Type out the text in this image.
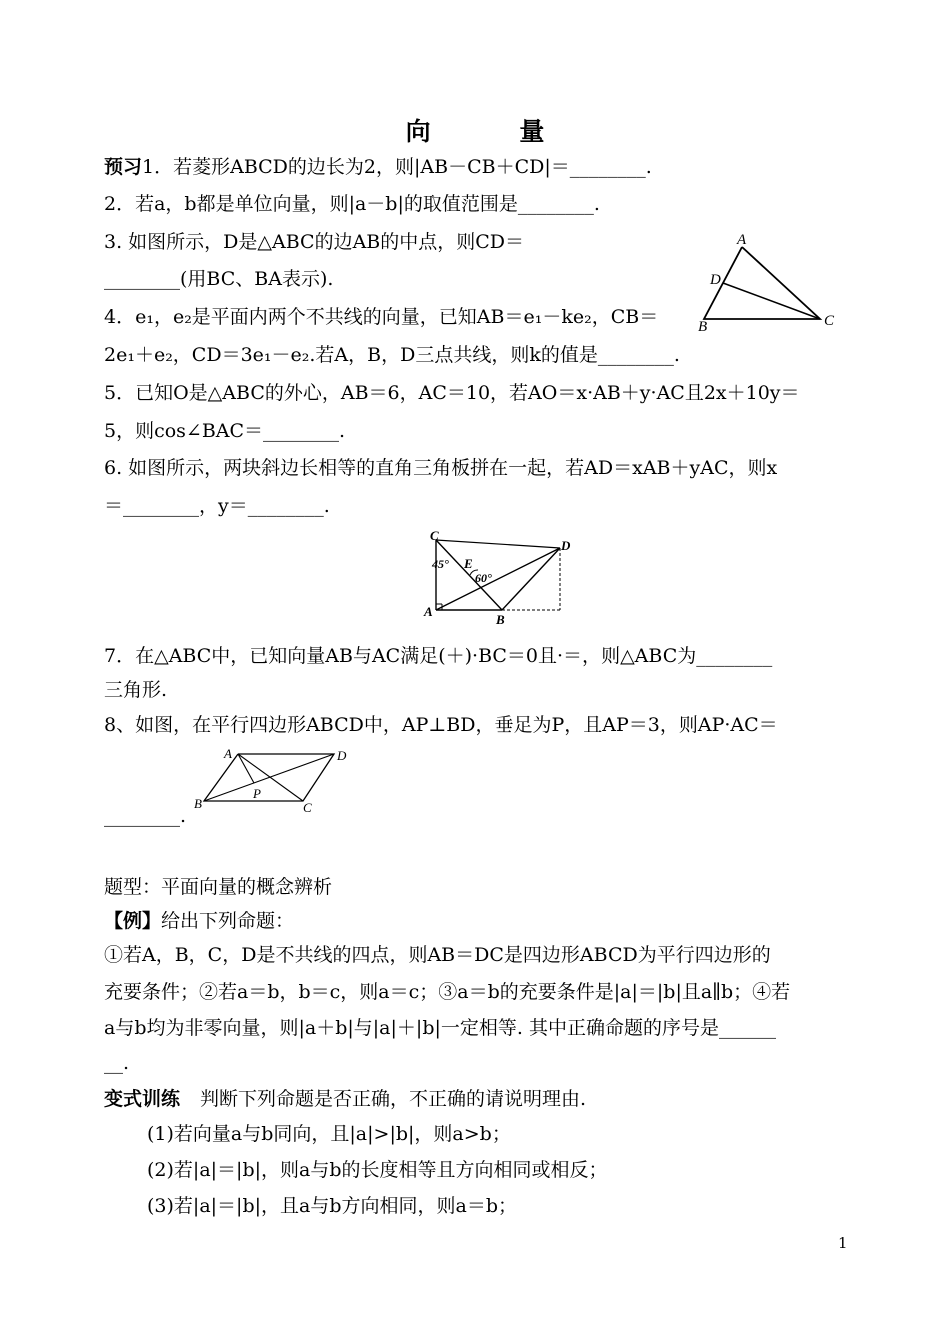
向 量
预习1．若菱形ABCD的边长为2，则|AB－CB＋CD|＝________.
2．若a，b都是单位向量，则|a－b|的取值范围是________.
3. 如图所示，D是△ABC的边AB的中点，则CD＝
________(用BC、BA表示).
A
D
B	C
4．e₁，e₂是平面内两个不共线的向量，已知AB＝e₁－ke₂，CB＝
2e₁＋e₂，CD＝3e₁－e₂.若A，B，D三点共线，则k的值是________.
5．已知O是△ABC的外心，AB＝6，AC＝10，若AO＝x·AB＋y·AC且2x＋10y＝
5，则cos∠BAC＝________.
6. 如图所示，两块斜边长相等的直角三角板拼在一起，若AD＝xAB＋yAC，则x
＝________，y＝________.
C
45° E
60°
D
A
B
7．在△ABC中，已知向量AB与AC满足(＋)·BC＝0且·＝，则△ABC为________
三角形.
8、如图，在平行四边形ABCD中，AP⊥BD，垂足为P，且AP＝3，则AP·AC＝
A	D
P
B	C
________.
题型：平面向量的概念辨析
【例】给出下列命题：
①若A，B，C，D是不共线的四点，则AB＝DC是四边形ABCD为平行四边形的
充要条件；②若a＝b，b＝c，则a＝c；③a＝b的充要条件是|a|＝|b|且a∥b；④若
a与b均为非零向量，则|a＋b|与|a|＋|b|一定相等. 其中正确命题的序号是______
__.
变式训练 判断下列命题是否正确，不正确的请说明理由.
(1)若向量a与b同向，且|a|>|b|，则a>b；
(2)若|a|＝|b|，则a与b的长度相等且方向相同或相反；
(3)若|a|＝|b|，且a与b方向相同，则a＝b；
1
